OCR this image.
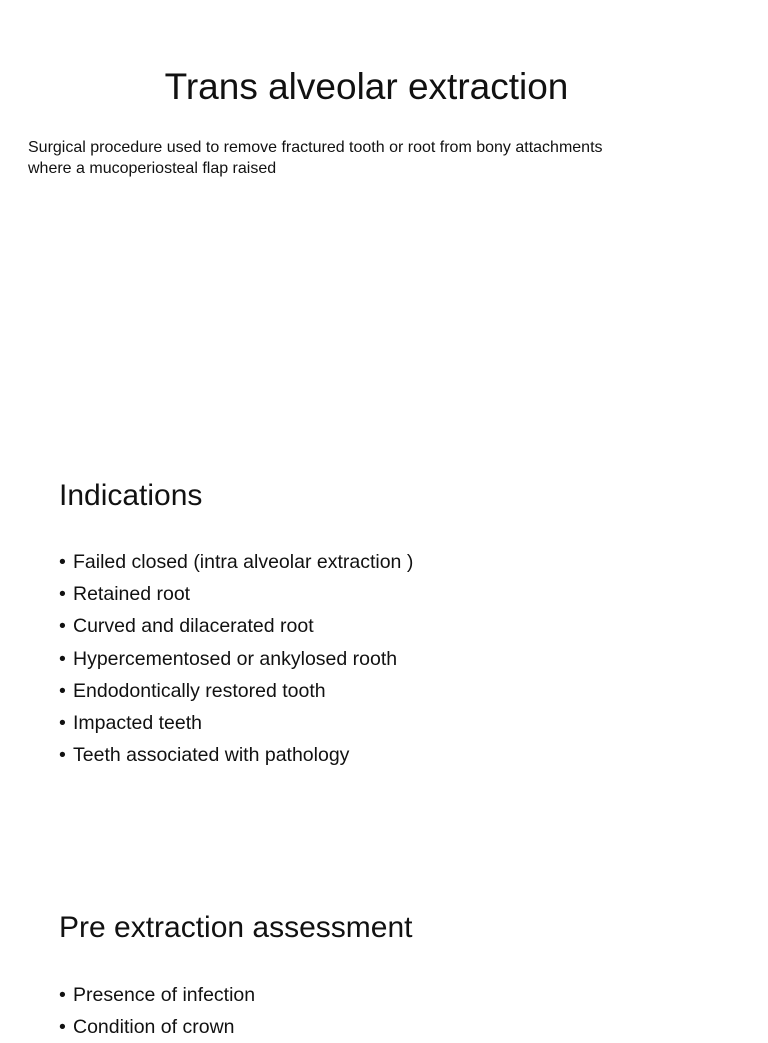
Trans alveolar extraction

Surgical procedure used to remove fractured tooth or root from bony attachments where a mucoperiosteal flap raised

Indications
• Failed closed (intra alveolar extraction )
• Retained root
• Curved and dilacerated root
• Hypercementosed or ankylosed rooth
• Endodontically restored tooth
• Impacted teeth
• Teeth associated with pathology
Pre extraction assessment
• Presence of infection
• Condition of crown
